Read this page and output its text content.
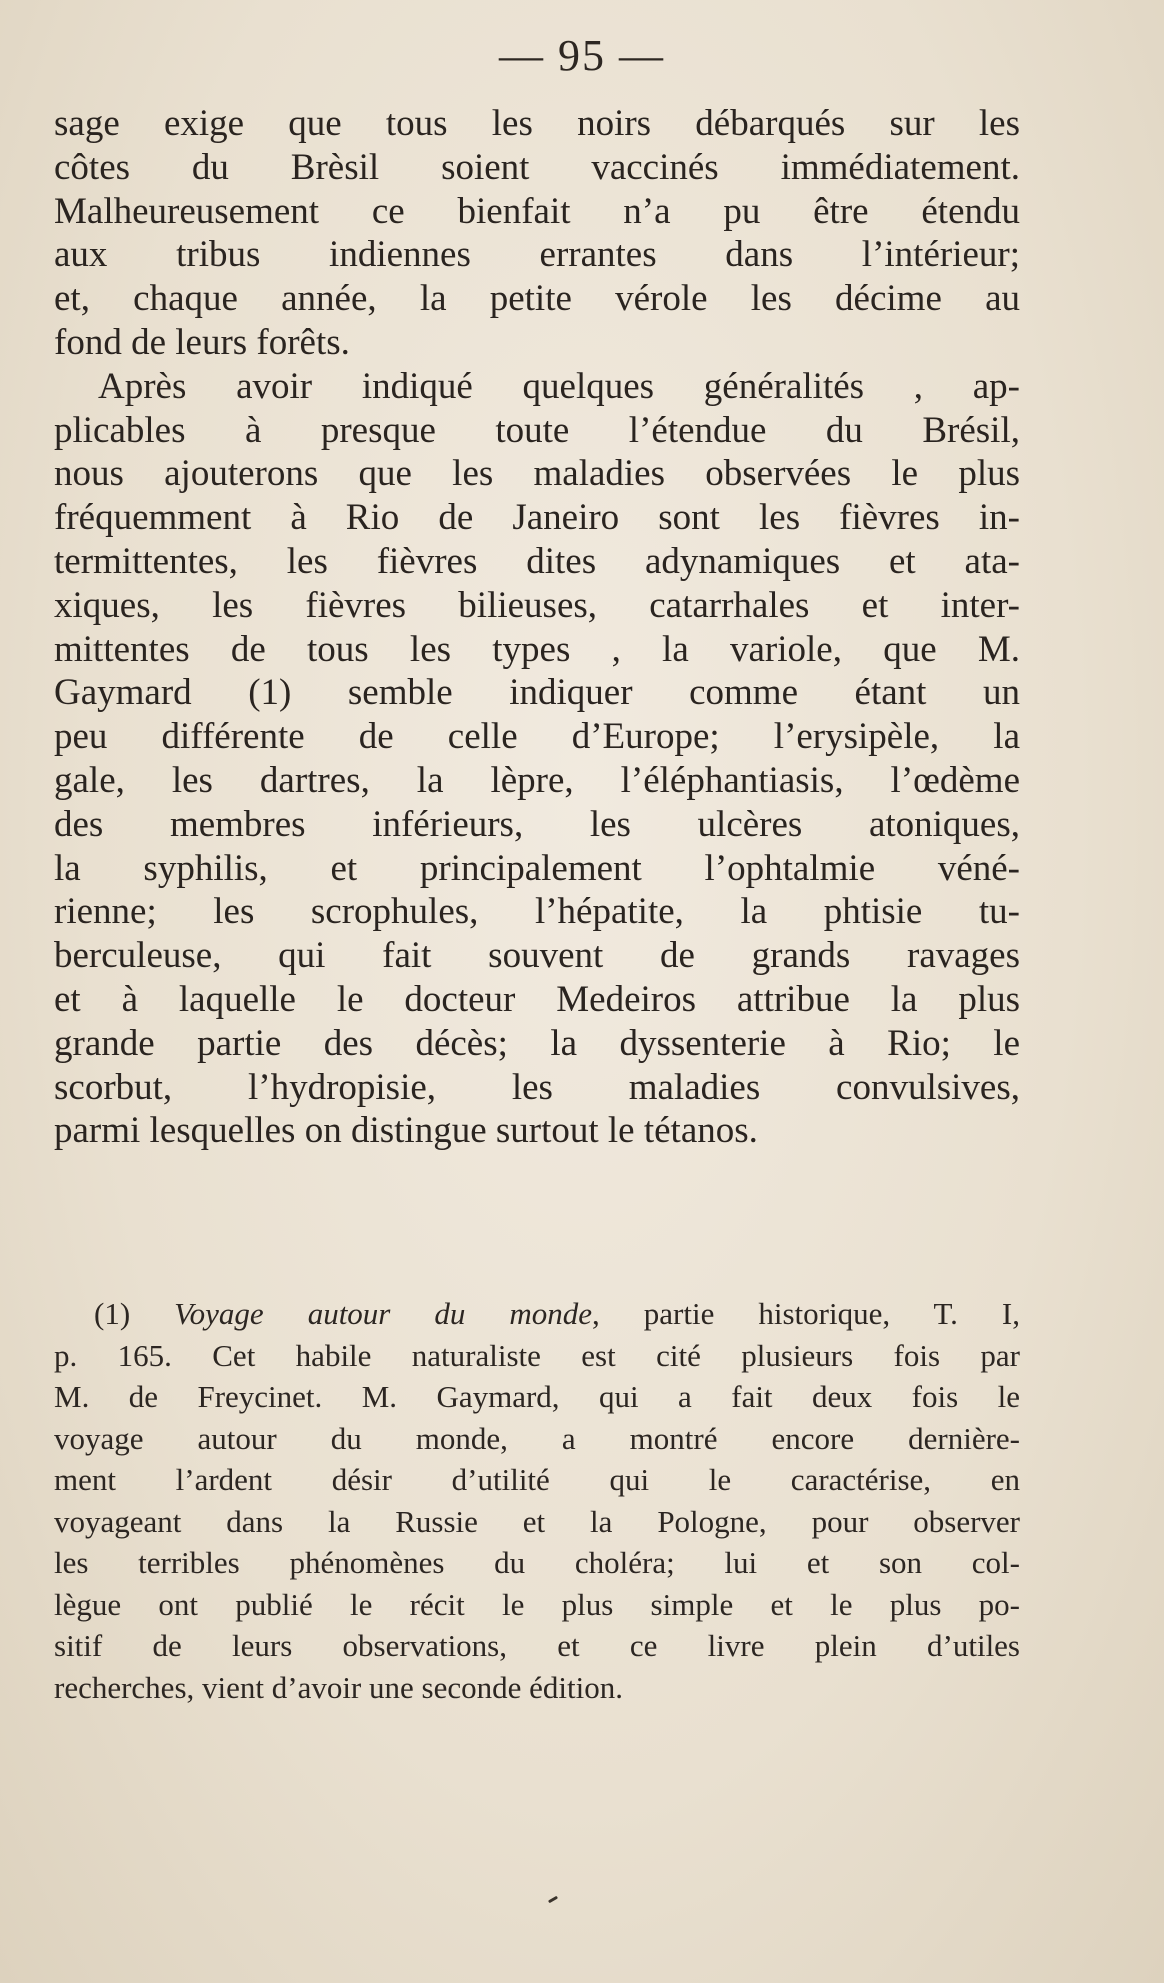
— 95 —
sage exige que tous les noirs débarqués sur les
côtes du Brèsil soient vaccinés immédiatement.
Malheureusement ce bienfait n’a pu être étendu
aux tribus indiennes errantes dans l’intérieur;
et, chaque année, la petite vérole les décime au
fond de leurs forêts.
Après avoir indiqué quelques généralités , ap-
plicables à presque toute l’étendue du Brésil,
nous ajouterons que les maladies observées le plus
fréquemment à Rio de Janeiro sont les fièvres in-
termittentes, les fièvres dites adynamiques et ata-
xiques, les fièvres bilieuses, catarrhales et inter-
mittentes de tous les types , la variole, que M.
Gaymard (1) semble indiquer comme étant un
peu différente de celle d’Europe; l’erysipèle, la
gale, les dartres, la lèpre, l’éléphantiasis, l’œdème
des membres inférieurs, les ulcères atoniques,
la syphilis, et principalement l’ophtalmie véné-
rienne; les scrophules, l’hépatite, la phtisie tu-
berculeuse, qui fait souvent de grands ravages
et à laquelle le docteur Medeiros attribue la plus
grande partie des décès; la dyssenterie à Rio; le
scorbut, l’hydropisie, les maladies convulsives,
parmi lesquelles on distingue surtout le tétanos.
(1) Voyage autour du monde, partie historique, T. I,
p. 165. Cet habile naturaliste est cité plusieurs fois par
M. de Freycinet. M. Gaymard, qui a fait deux fois le
voyage autour du monde, a montré encore dernière-
ment l’ardent désir d’utilité qui le caractérise, en
voyageant dans la Russie et la Pologne, pour observer
les terribles phénomènes du choléra; lui et son col-
lègue ont publié le récit le plus simple et le plus po-
sitif de leurs observations, et ce livre plein d’utiles
recherches, vient d’avoir une seconde édition.
